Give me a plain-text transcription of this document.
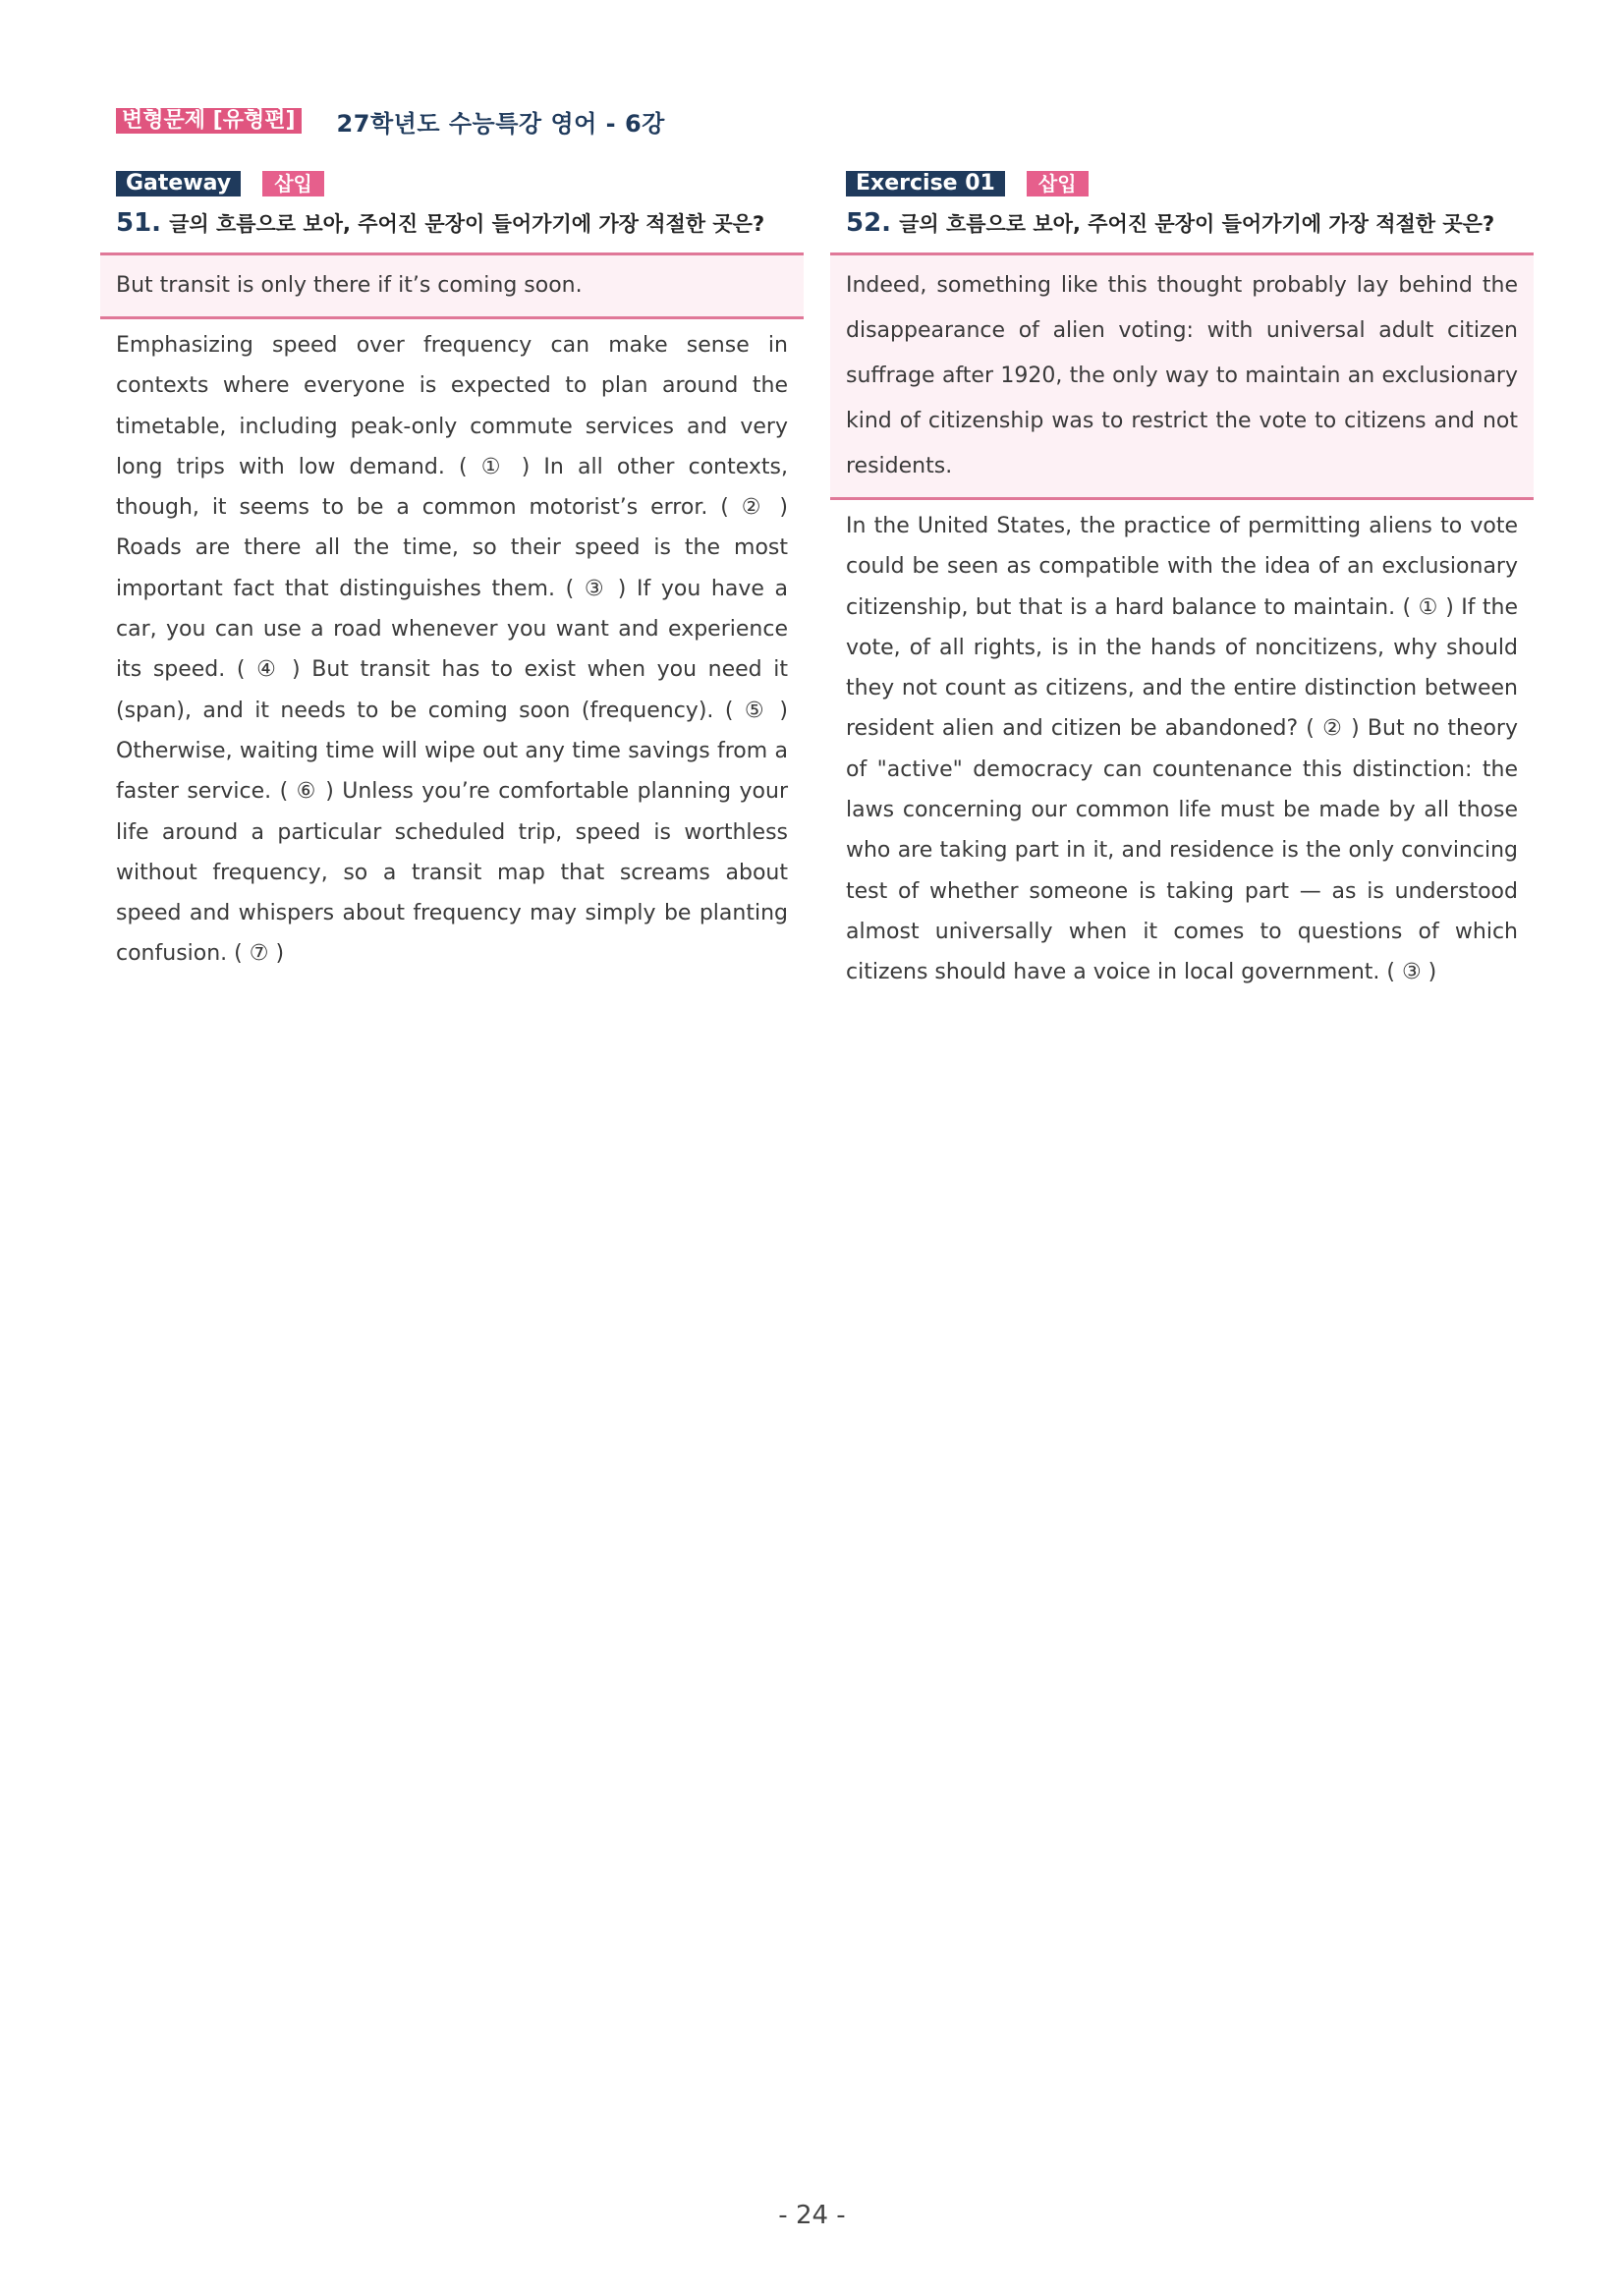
변형문제 [유형편] 27학년도 수능특강 영어 - 6강
Gateway	삽입
51. 글의 흐름으로 보아, 주어진 문장이 들어가기에 가장 적절한 곳은?
But transit is only there if it’s coming soon.
Emphasizing speed over frequency can make sense in contexts where everyone is expected to plan around the timetable, including peak-only commute services and very long trips with low demand. ( ① ) In all other contexts, though, it seems to be a common motorist’s error. ( ② ) Roads are there all the time, so their speed is the most important fact that distinguishes them. ( ③ ) If you have a car, you can use a road whenever you want and experience its speed. ( ④ ) But transit has to exist when you need it (span), and it needs to be coming soon (frequency). ( ⑤ ) Otherwise, waiting time will wipe out any time savings from a faster service. ( ⑥ ) Unless you’re comfortable planning your life around a particular scheduled trip, speed is worthless without frequency, so a transit map that screams about speed and whispers about frequency may simply be planting confusion. ( ⑦ )
Exercise 01	삽입
52. 글의 흐름으로 보아, 주어진 문장이 들어가기에 가장 적절한 곳은?
Indeed, something like this thought probably lay behind the disappearance of alien voting: with universal adult citizen suffrage after 1920, the only way to maintain an exclusionary kind of citizenship was to restrict the vote to citizens and not residents.
In the United States, the practice of permitting aliens to vote could be seen as compatible with the idea of an exclusionary citizenship, but that is a hard balance to maintain. ( ① ) If the vote, of all rights, is in the hands of noncitizens, why should they not count as citizens, and the entire distinction between resident alien and citizen be abandoned? ( ② ) But no theory of "active" democracy can countenance this distinction: the laws concerning our common life must be made by all those who are taking part in it, and residence is the only convincing test of whether someone is taking part — as is understood almost universally when it comes to questions of which citizens should have a voice in local government. ( ③ )
- 24 -
